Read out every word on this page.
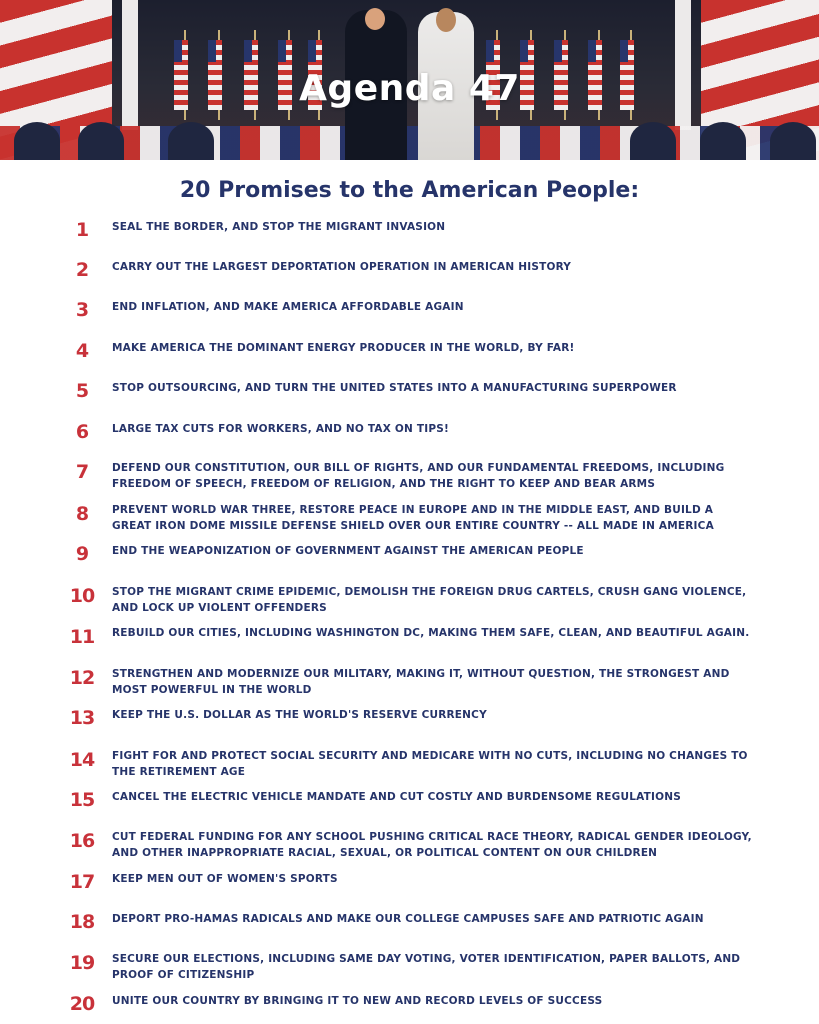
Agenda 47
20 Promises to the American People:
1	SEAL THE BORDER, AND STOP THE MIGRANT INVASION
2	CARRY OUT THE LARGEST DEPORTATION OPERATION IN AMERICAN HISTORY
3	END INFLATION, AND MAKE AMERICA AFFORDABLE AGAIN
4	MAKE AMERICA THE DOMINANT ENERGY PRODUCER IN THE WORLD, BY FAR!
5	STOP OUTSOURCING, AND TURN THE UNITED STATES INTO A MANUFACTURING SUPERPOWER
6	LARGE TAX CUTS FOR WORKERS, AND NO TAX ON TIPS!
7	DEFEND OUR CONSTITUTION, OUR BILL OF RIGHTS, AND OUR FUNDAMENTAL FREEDOMS, INCLUDING FREEDOM OF SPEECH, FREEDOM OF RELIGION, AND THE RIGHT TO KEEP AND BEAR ARMS
8	PREVENT WORLD WAR THREE, RESTORE PEACE IN EUROPE AND IN THE MIDDLE EAST, AND BUILD A GREAT IRON DOME MISSILE DEFENSE SHIELD OVER OUR ENTIRE COUNTRY -- ALL MADE IN AMERICA
9	END THE WEAPONIZATION OF GOVERNMENT AGAINST THE AMERICAN PEOPLE
10	STOP THE MIGRANT CRIME EPIDEMIC, DEMOLISH THE FOREIGN DRUG CARTELS, CRUSH GANG VIOLENCE, AND LOCK UP VIOLENT OFFENDERS
11	REBUILD OUR CITIES, INCLUDING WASHINGTON DC, MAKING THEM SAFE, CLEAN, AND BEAUTIFUL AGAIN.
12	STRENGTHEN AND MODERNIZE OUR MILITARY, MAKING IT, WITHOUT QUESTION, THE STRONGEST AND MOST POWERFUL IN THE WORLD
13	KEEP THE U.S. DOLLAR AS THE WORLD'S RESERVE CURRENCY
14	FIGHT FOR AND PROTECT SOCIAL SECURITY AND MEDICARE WITH NO CUTS, INCLUDING NO CHANGES TO THE RETIREMENT AGE
15	CANCEL THE ELECTRIC VEHICLE MANDATE AND CUT COSTLY AND BURDENSOME REGULATIONS
16	CUT FEDERAL FUNDING FOR ANY SCHOOL PUSHING CRITICAL RACE THEORY, RADICAL GENDER IDEOLOGY, AND OTHER INAPPROPRIATE RACIAL, SEXUAL, OR POLITICAL CONTENT ON OUR CHILDREN
17	KEEP MEN OUT OF WOMEN'S SPORTS
18	DEPORT PRO-HAMAS RADICALS AND MAKE OUR COLLEGE CAMPUSES SAFE AND PATRIOTIC AGAIN
19	SECURE OUR ELECTIONS, INCLUDING SAME DAY VOTING, VOTER IDENTIFICATION, PAPER BALLOTS, AND PROOF OF CITIZENSHIP
20	UNITE OUR COUNTRY BY BRINGING IT TO NEW AND RECORD LEVELS OF SUCCESS
